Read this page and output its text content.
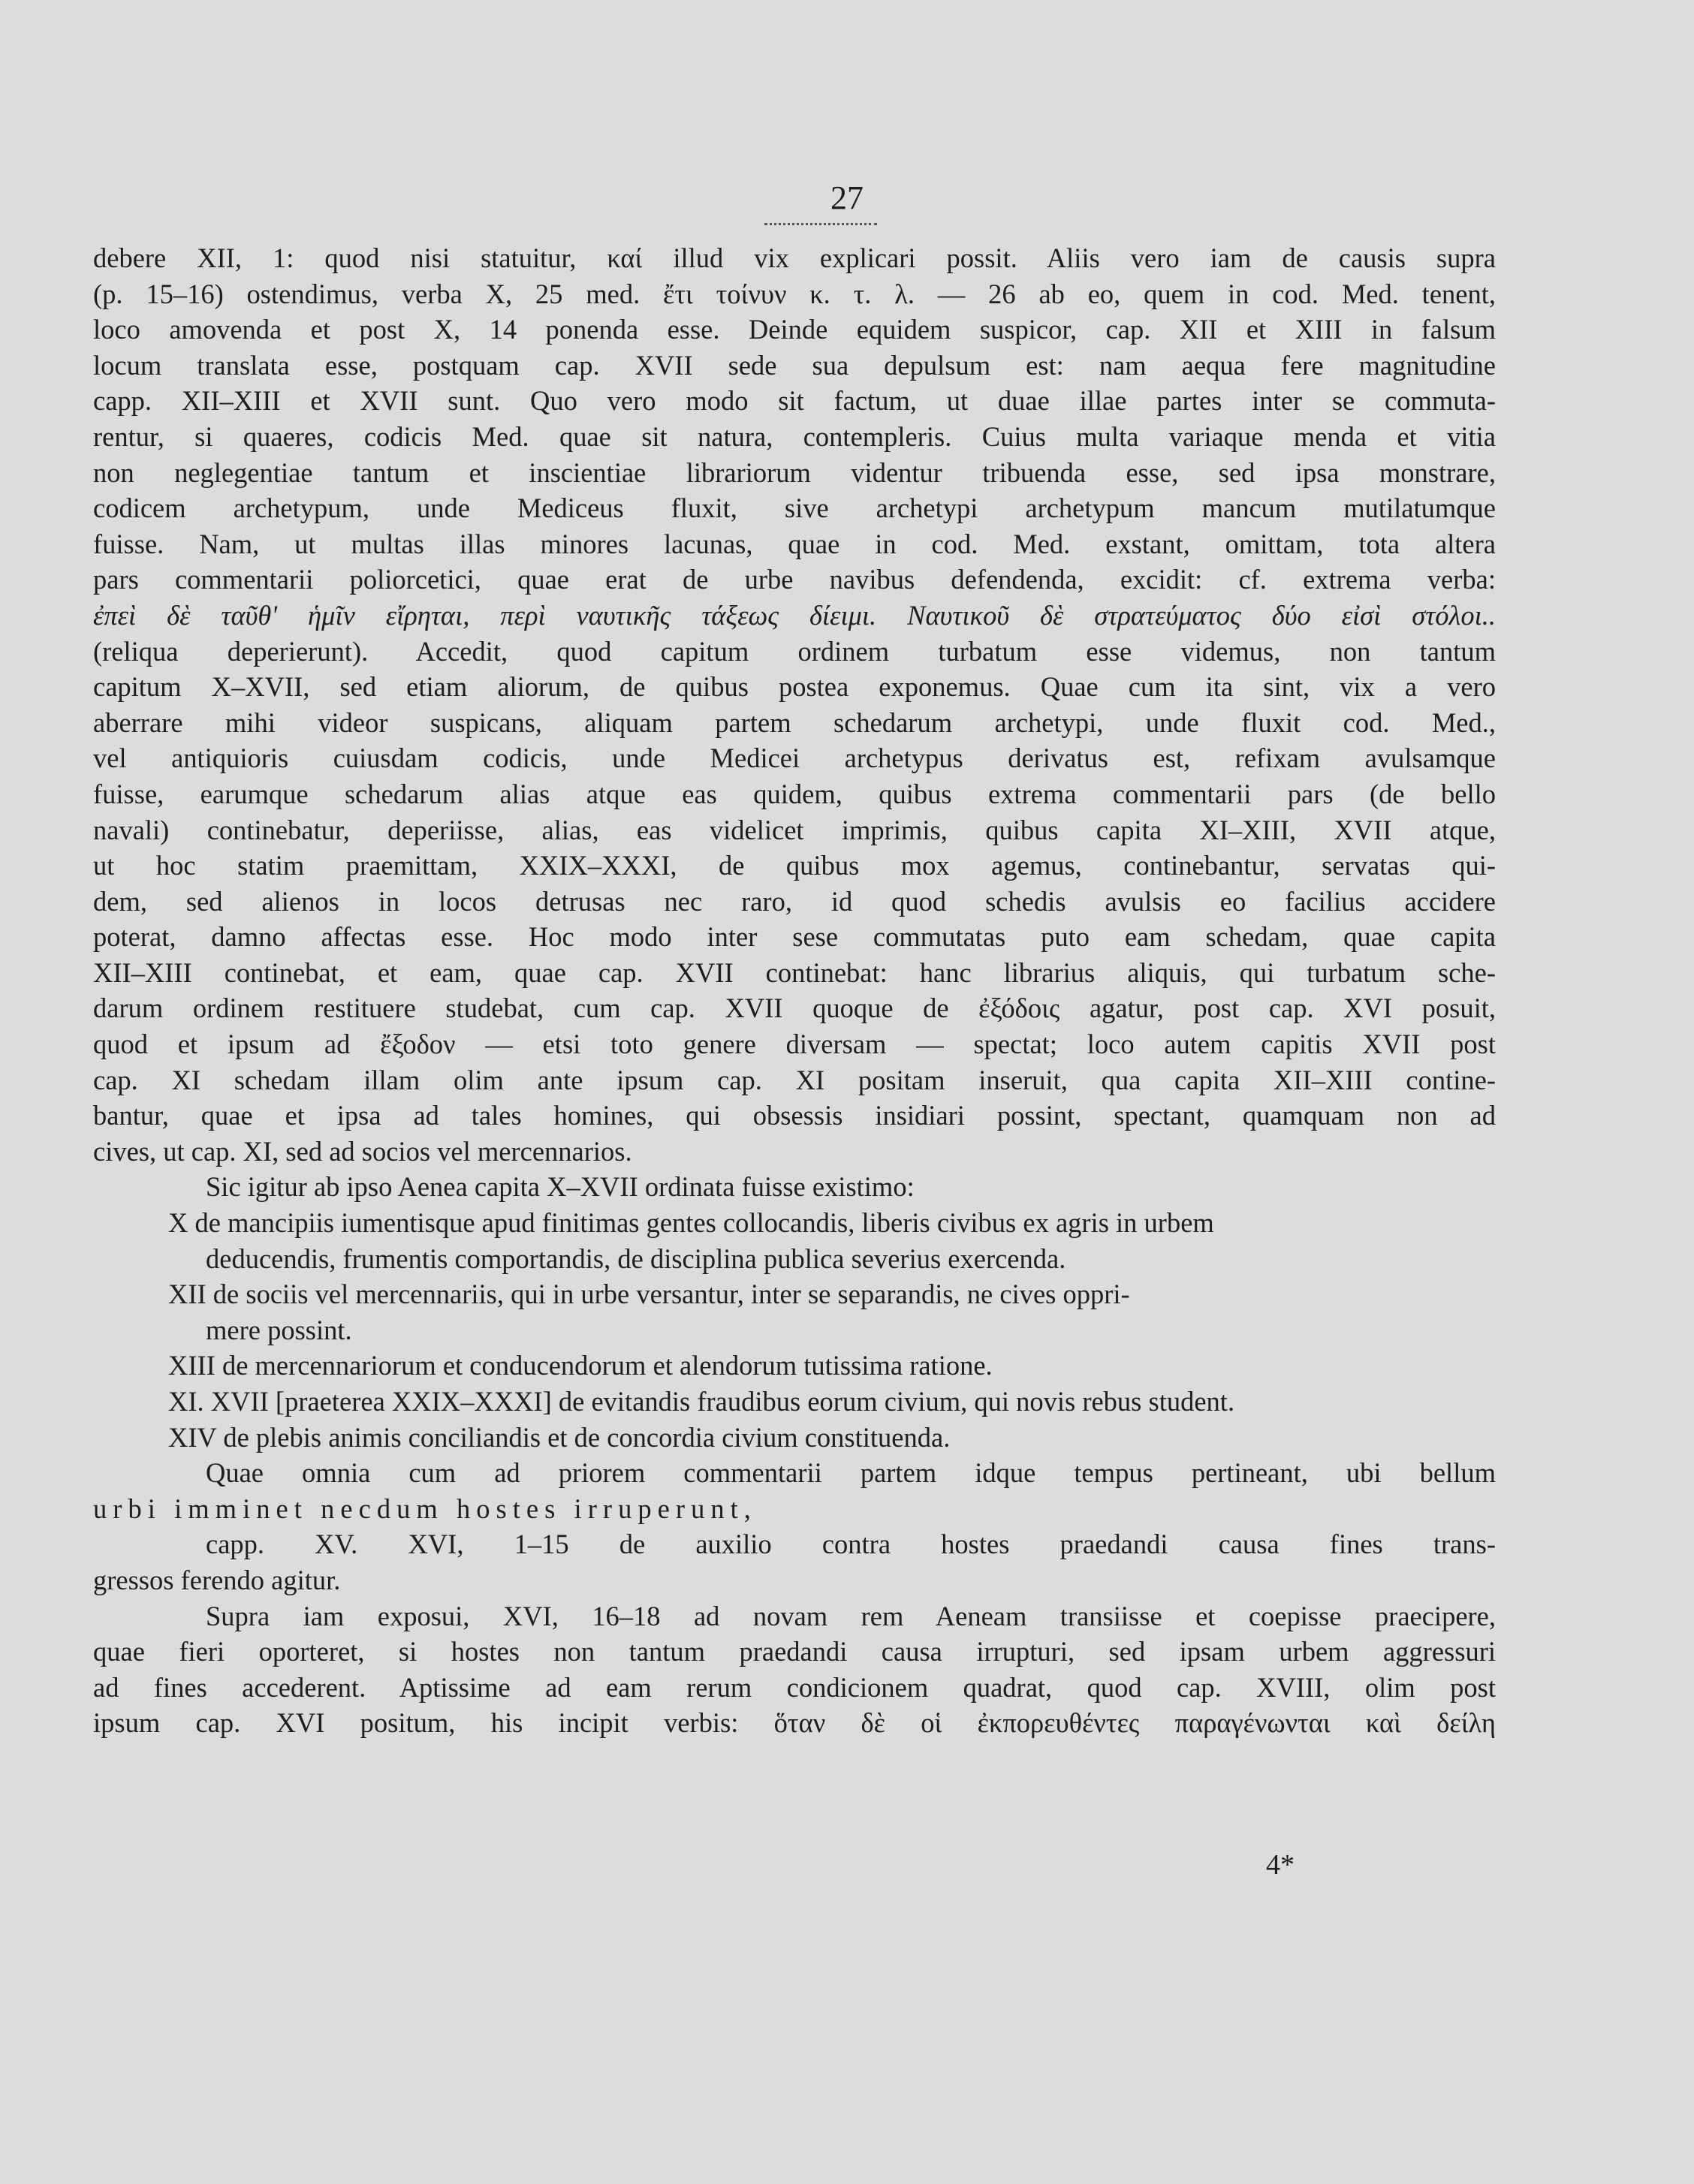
27
debere XII, 1: quod nisi statuitur, καί illud vix explicari possit. Aliis vero iam de causis supra
(p. 15–16) ostendimus, verba X, 25 med. ἔτι τοίνυν κ. τ. λ. — 26 ab eo, quem in cod. Med. tenent,
loco amovenda et post X, 14 ponenda esse. Deinde equidem suspicor, cap. XII et XIII in falsum
locum translata esse, postquam cap. XVII sede sua depulsum est: nam aequa fere magnitudine
capp. XII–XIII et XVII sunt. Quo vero modo sit factum, ut duae illae partes inter se commuta-
rentur, si quaeres, codicis Med. quae sit natura, contempleris. Cuius multa variaque menda et vitia
non neglegentiae tantum et inscientiae librariorum videntur tribuenda esse, sed ipsa monstrare,
codicem archetypum, unde Mediceus fluxit, sive archetypi archetypum mancum mutilatumque
fuisse. Nam, ut multas illas minores lacunas, quae in cod. Med. exstant, omittam, tota altera
pars commentarii poliorcetici, quae erat de urbe navibus defendenda, excidit: cf. extrema verba:
ἐπεὶ δὲ ταῦθ' ἡμῖν εἴρηται, περὶ ναυτικῆς τάξεως δίειμι. Ναυτικοῦ δὲ στρατεύματος δύο εἰσὶ στόλοι..
(reliqua deperierunt). Accedit, quod capitum ordinem turbatum esse videmus, non tantum
capitum X–XVII, sed etiam aliorum, de quibus postea exponemus. Quae cum ita sint, vix a vero
aberrare mihi videor suspicans, aliquam partem schedarum archetypi, unde fluxit cod. Med.,
vel antiquioris cuiusdam codicis, unde Medicei archetypus derivatus est, refixam avulsamque
fuisse, earumque schedarum alias atque eas quidem, quibus extrema commentarii pars (de bello
navali) continebatur, deperiisse, alias, eas videlicet imprimis, quibus capita XI–XIII, XVII atque,
ut hoc statim praemittam, XXIX–XXXI, de quibus mox agemus, continebantur, servatas qui-
dem, sed alienos in locos detrusas nec raro, id quod schedis avulsis eo facilius accidere
poterat, damno affectas esse. Hoc modo inter sese commutatas puto eam schedam, quae capita
XII–XIII continebat, et eam, quae cap. XVII continebat: hanc librarius aliquis, qui turbatum sche-
darum ordinem restituere studebat, cum cap. XVII quoque de ἐξόδοις agatur, post cap. XVI posuit,
quod et ipsum ad ἔξοδον — etsi toto genere diversam — spectat; loco autem capitis XVII post
cap. XI schedam illam olim ante ipsum cap. XI positam inseruit, qua capita XII–XIII contine-
bantur, quae et ipsa ad tales homines, qui obsessis insidiari possint, spectant, quamquam non ad
cives, ut cap. XI, sed ad socios vel mercennarios.
Sic igitur ab ipso Aenea capita X–XVII ordinata fuisse existimo:
X de mancipiis iumentisque apud finitimas gentes collocandis, liberis civibus ex agris in urbem
deducendis, frumentis comportandis, de disciplina publica severius exercenda.
XII de sociis vel mercennariis, qui in urbe versantur, inter se separandis, ne cives oppri-
mere possint.
XIII de mercennariorum et conducendorum et alendorum tutissima ratione.
XI. XVII [praeterea XXIX–XXXI] de evitandis fraudibus eorum civium, qui novis rebus student.
XIV de plebis animis conciliandis et de concordia civium constituenda.
Quae omnia cum ad priorem commentarii partem idque tempus pertineant, ubi bellum
urbi imminet necdum hostes irruperunt,
capp. XV. XVI, 1–15 de auxilio contra hostes praedandi causa fines trans-
gressos ferendo agitur.
Supra iam exposui, XVI, 16–18 ad novam rem Aeneam transiisse et coepisse praecipere,
quae fieri oporteret, si hostes non tantum praedandi causa irrupturi, sed ipsam urbem aggressuri
ad fines accederent. Aptissime ad eam rerum condicionem quadrat, quod cap. XVIII, olim post
ipsum cap. XVI positum, his incipit verbis: ὅταν δὲ οἱ ἐκπορευθέντες παραγένωνται καὶ δείλη
4*
